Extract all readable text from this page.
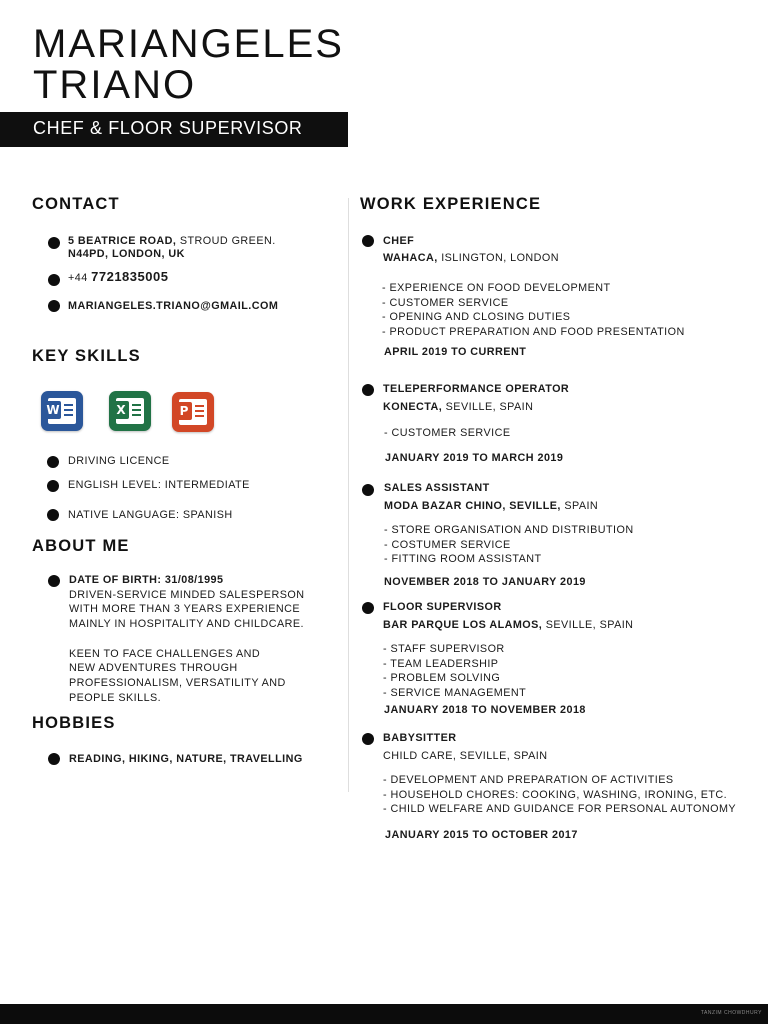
MARIANGELES
TRIANO
CHEF & FLOOR SUPERVISOR
CONTACT
5 BEATRICE ROAD, STROUD GREEN.
N44PD, LONDON, UK
+44 7721835005
MARIANGELES.TRIANO@GMAIL.COM
KEY SKILLS
W	X	P
DRIVING LICENCE
ENGLISH LEVEL: INTERMEDIATE
NATIVE LANGUAGE: SPANISH
ABOUT ME
DATE OF BIRTH: 31/08/1995
DRIVEN-SERVICE MINDED SALESPERSON
WITH MORE THAN 3 YEARS EXPERIENCE
MAINLY IN HOSPITALITY AND CHILDCARE.
KEEN TO FACE CHALLENGES AND
NEW ADVENTURES THROUGH
PROFESSIONALISM, VERSATILITY AND
PEOPLE SKILLS.
HOBBIES
READING, HIKING, NATURE, TRAVELLING
WORK EXPERIENCE
CHEF
WAHACA, ISLINGTON, LONDON
- EXPERIENCE ON FOOD DEVELOPMENT
- CUSTOMER SERVICE
- OPENING AND CLOSING DUTIES
- PRODUCT PREPARATION AND FOOD PRESENTATION
APRIL 2019 TO CURRENT
TELEPERFORMANCE OPERATOR
KONECTA, SEVILLE, SPAIN
- CUSTOMER SERVICE
JANUARY 2019 TO MARCH 2019
SALES ASSISTANT
MODA BAZAR CHINO, SEVILLE, SPAIN
- STORE ORGANISATION AND DISTRIBUTION
- COSTUMER SERVICE
- FITTING ROOM ASSISTANT
NOVEMBER 2018 TO JANUARY 2019
FLOOR SUPERVISOR
BAR PARQUE LOS ALAMOS, SEVILLE, SPAIN
- STAFF SUPERVISOR
- TEAM LEADERSHIP
- PROBLEM SOLVING
- SERVICE MANAGEMENT
JANUARY 2018 TO NOVEMBER 2018
BABYSITTER
CHILD CARE, SEVILLE, SPAIN
- DEVELOPMENT AND PREPARATION OF ACTIVITIES
- HOUSEHOLD CHORES: COOKING, WASHING, IRONING, ETC.
- CHILD WELFARE AND GUIDANCE FOR PERSONAL AUTONOMY
JANUARY 2015 TO OCTOBER 2017
TANZIM CHOWDHURY
